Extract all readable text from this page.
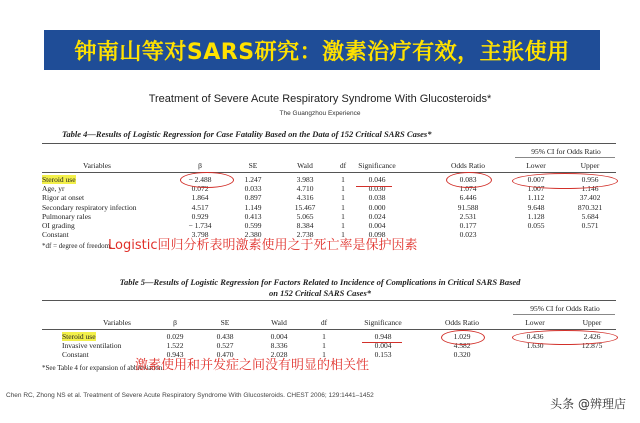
钟南山等对SARS研究：激素治疗有效，主张使用
Treatment of Severe Acute Respiratory Syndrome With Glucosteroids*
The Guangzhou Experience
Table 4—Results of Logistic Regression for Case Fatality Based on the Data of 152 Critical SARS Cases*
95% CI for Odds Ratio
Variables	β	SE	Wald	df	Significance	Odds Ratio	Lower	Upper
Steroid use	− 2.488	1.247	3.983	1	0.046	0.083	0.007	0.956
Age, yr	0.072	0.033	4.710	1	0.030	1.074	1.007	1.146
Rigor at onset	1.864	0.897	4.316	1	0.038	6.446	1.112	37.402
Secondary respiratory infection	4.517	1.149	15.467	1	0.000	91.588	9.648	870.321
Pulmonary rales	0.929	0.413	5.065	1	0.024	2.531	1.128	5.684
OI grading	− 1.734	0.599	8.384	1	0.004	0.177	0.055	0.571
Constant	3.798	2.380	2.738	1	0.098	0.023
*df = degree of freedom.
Logistic回归分析表明激素使用之于死亡率是保护因素
Table 5—Results of Logistic Regression for Factors Related to Incidence of Complications in Critical SARS Based
on 152 Critical SARS Cases*
95% CI for Odds Ratio
Variables	β	SE	Wald	df	Significance	Odds Ratio	Lower	Upper
Steroid use	0.029	0.438	0.004	1	0.948	1.029	0.436	2.426
Invasive ventilation	1.522	0.527	8.336	1	0.004	4.582	1.630	12.875
Constant	0.943	0.470	2.028	1	0.153	0.320
*See Table 4 for expansion of abbreviation.
激素使用和并发症之间没有明显的相关性
Chen RC, Zhong NS et al. Treatment of Severe Acute Respiratory Syndrome With Glucosteroids. CHEST 2006; 129:1441–1452
头条 @辨理店
